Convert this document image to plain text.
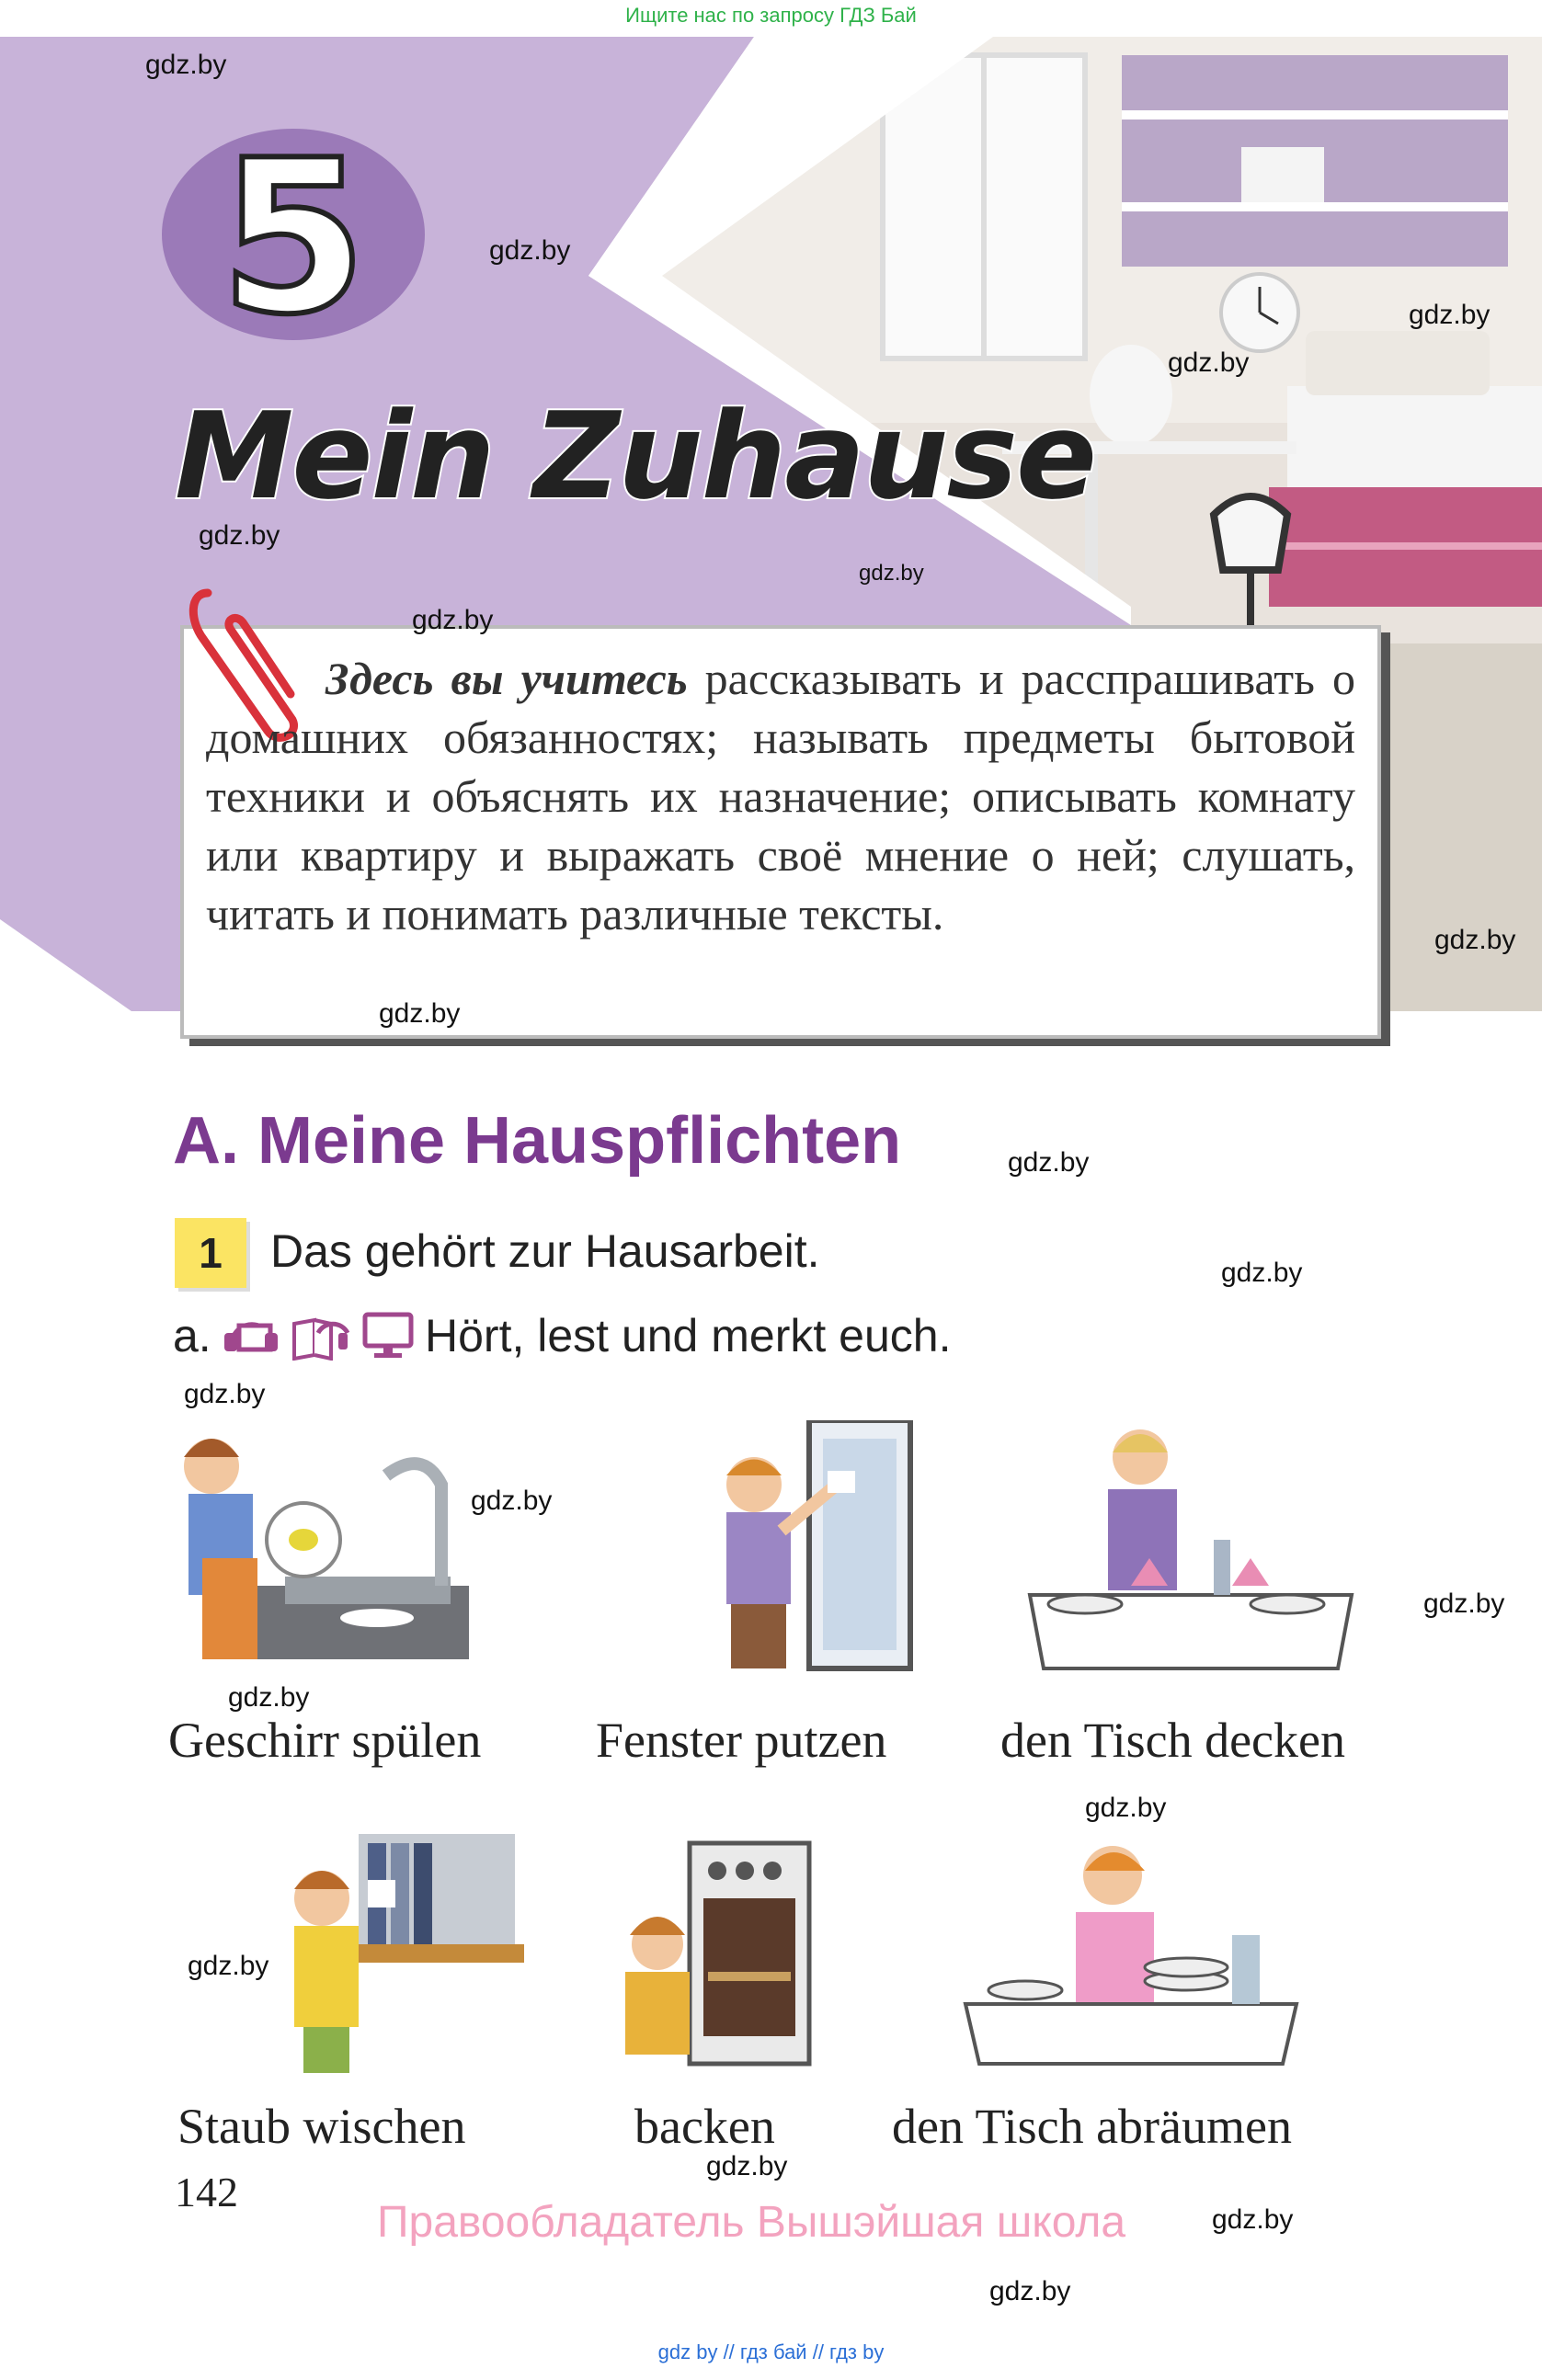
Ищите нас по запросу ГДЗ Бай
5
Mein Zuhause
Здесь вы учитесь рассказывать и расспрашивать о домашних обязанностях; называть предметы бытовой техники и объяснять их назначение; описывать комнату или квартиру и выражать своё мнение о ней; слушать, читать и понимать различные тексты.
A. Meine Hauspflichten
1	Das gehört zur Hausarbeit.
a.
	Hört, lest und merkt euch.
Geschirr spülen Fenster putzen den Tisch decken
Staub wischen	backen den Tisch abräumen
142
Правообладатель Вышэйшая школа
gdz.by
gdz.by
gdz.by
gdz.by
gdz.by
gdz.by
gdz.by
gdz.by
gdz.by
gdz.by
gdz.by
gdz.by
gdz.by
gdz.by
gdz.by
gdz.by
gdz.by
gdz.by
gdz.by
gdz.by
gdz by // гдз бай // гдз by
